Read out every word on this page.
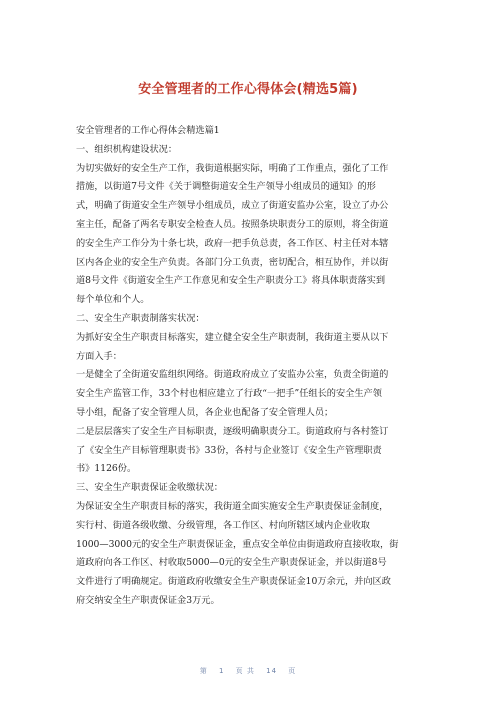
安全管理者的工作心得体会(精选5篇)

安全管理者的工作心得体会精选篇1

一、组织机构建设状况：

为切实做好的安全生产工作，我街道根据实际，明确了工作重点，强化了工作

措施，以街道7号文件《关于调整街道安全生产领导小组成员的通知》的形

式，明确了街道安全生产领导小组成员，成立了街道安监办公室，设立了办公

室主任，配备了两名专职安全检查人员。按照条块职责分工的原则，将全街道

的安全生产工作分为十条七块，政府一把手负总责，各工作区、村主任对本辖

区内各企业的安全生产负责。各部门分工负责，密切配合，相互协作，并以街

道8号文件《街道安全生产工作意见和安全生产职责分工》将具体职责落实到

每个单位和个人。

二、安全生产职责制落实状况：

为抓好安全生产职责目标落实，建立健全安全生产职责制，我街道主要从以下

方面入手：

一是健全了全街道安监组织网络。街道政府成立了安监办公室，负责全街道的

安全生产监管工作，33个村也相应建立了行政“一把手”任组长的安全生产领

导小组，配备了安全管理人员，各企业也配备了安全管理人员；

二是层层落实了安全生产目标职责，逐级明确职责分工。街道政府与各村签订

了《安全生产目标管理职责书》33份，各村与企业签订《安全生产管理职责

书》1126份。

三、安全生产职责保证金收缴状况：

为保证安全生产职责目标的落实，我街道全面实施安全生产职责保证金制度，

实行村、街道各级收缴、分级管理，各工作区、村向所辖区域内企业收取

1000—3000元的安全生产职责保证金，重点安全单位由街道政府直接收取，街

道政府向各工作区、村收取5000—0元的安全生产职责保证金，并以街道8号

文件进行了明确规定。街道政府收缴安全生产职责保证金10万余元，并向区政

府交纳安全生产职责保证金3万元。

第 1 页 共 14 页
